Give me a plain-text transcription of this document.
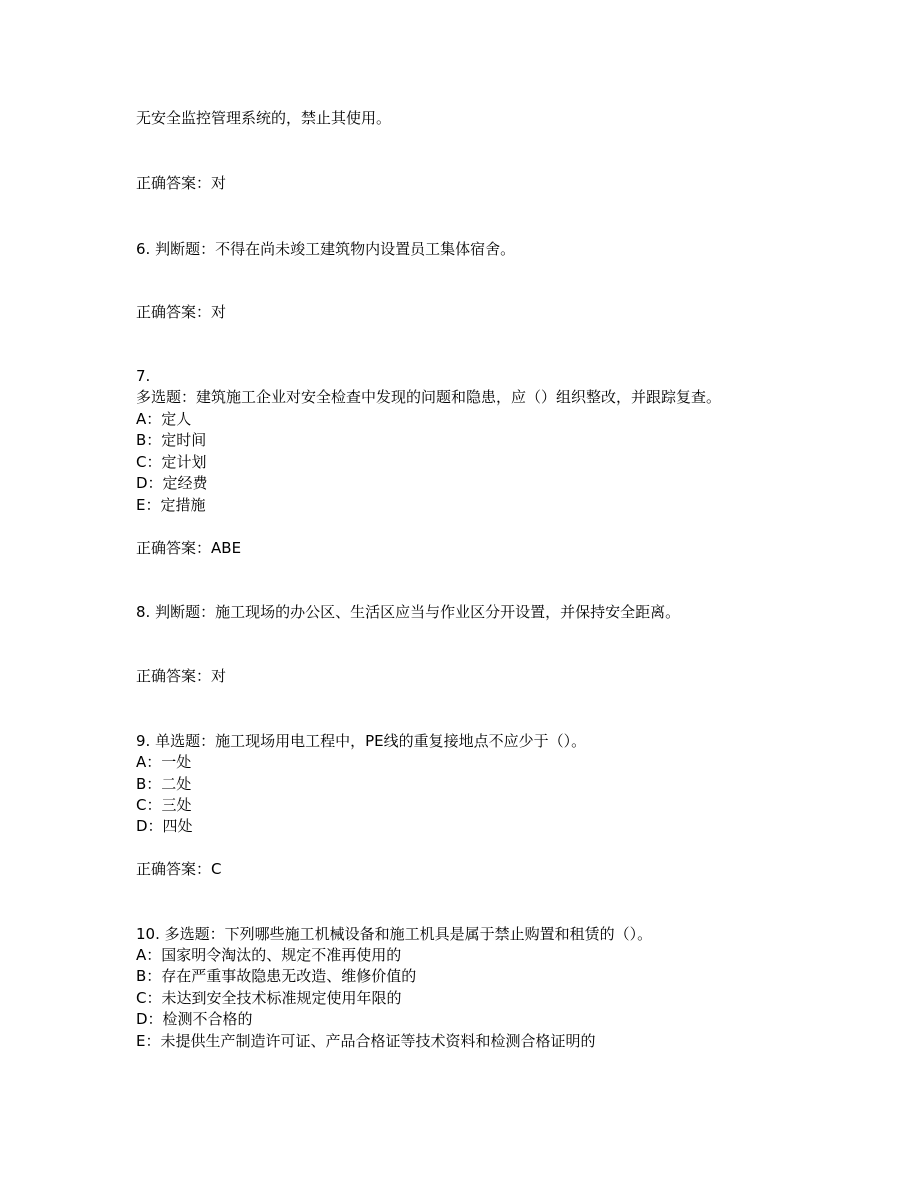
无安全监控管理系统的，禁止其使用。

正确答案：对

6. 判断题：不得在尚未竣工建筑物内设置员工集体宿舍。

正确答案：对

7.

多选题：建筑施工企业对安全检查中发现的问题和隐患，应（）组织整改，并跟踪复查。

A：定人

B：定时间

C：定计划

D：定经费

E：定措施

正确答案：ABE

8. 判断题：施工现场的办公区、生活区应当与作业区分开设置，并保持安全距离。

正确答案：对

9. 单选题：施工现场用电工程中，PE线的重复接地点不应少于（）。

A：一处

B：二处

C：三处

D：四处

正确答案：C

10. 多选题：下列哪些施工机械设备和施工机具是属于禁止购置和租赁的（）。

A：国家明令淘汰的、规定不准再使用的

B：存在严重事故隐患无改造、维修价值的

C：未达到安全技术标准规定使用年限的

D：检测不合格的

E：未提供生产制造许可证、产品合格证等技术资料和检测合格证明的
